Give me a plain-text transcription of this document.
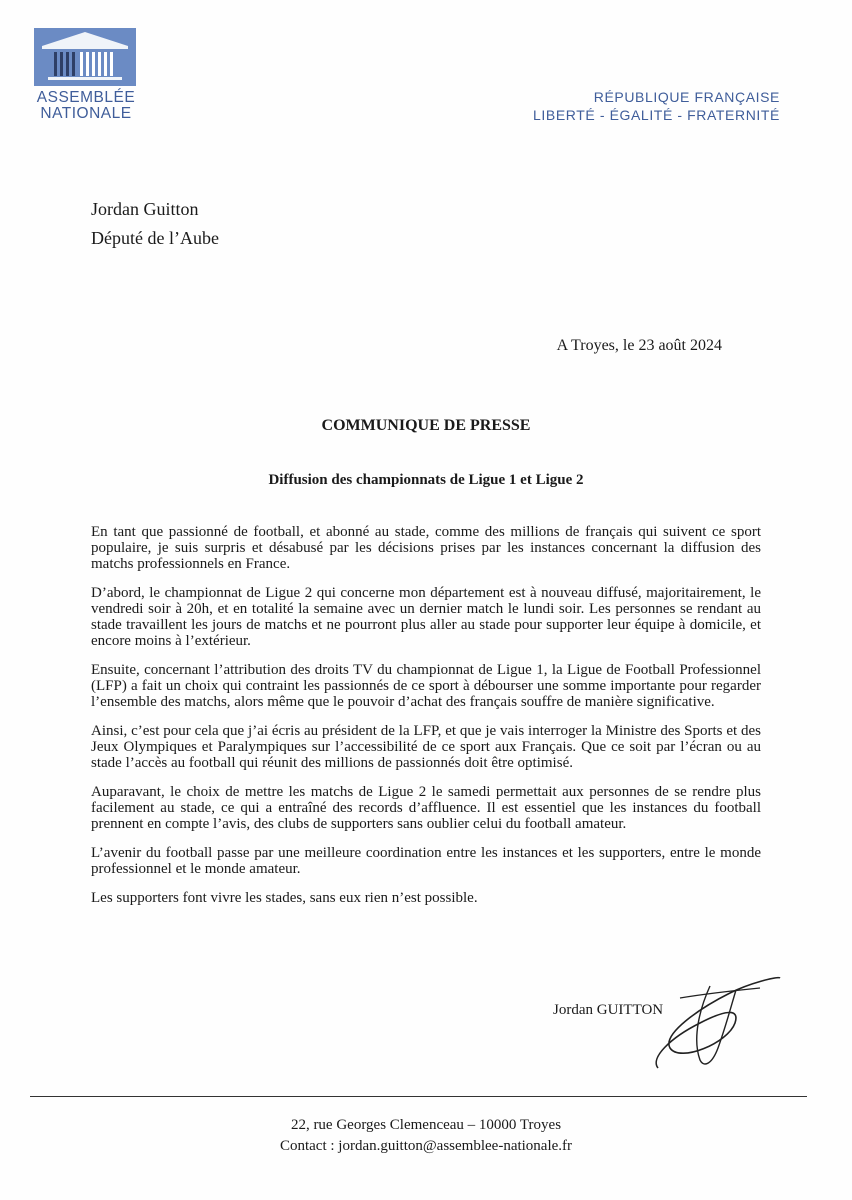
ASSEMBLÉE
NATIONALE
RÉPUBLIQUE FRANÇAISE
LIBERTÉ - ÉGALITÉ - FRATERNITÉ
Jordan Guitton
Député de l’Aube
A Troyes, le 23 août 2024
COMMUNIQUE DE PRESSE
Diffusion des championnats de Ligue 1 et Ligue 2

En tant que passionné de football, et abonné au stade, comme des millions de français qui suivent ce sport populaire, je suis surpris et désabusé par les décisions prises par les instances concernant la diffusion des matchs professionnels en France.

D’abord, le championnat de Ligue 2 qui concerne mon département est à nouveau diffusé, majoritairement, le vendredi soir à 20h, et en totalité la semaine avec un dernier match le lundi soir. Les personnes se rendant au stade travaillent les jours de matchs et ne pourront plus aller au stade pour supporter leur équipe à domicile, et encore moins à l’extérieur.

Ensuite, concernant l’attribution des droits TV du championnat de Ligue 1, la Ligue de Football Professionnel (LFP) a fait un choix qui contraint les passionnés de ce sport à débourser une somme importante pour regarder l’ensemble des matchs, alors même que le pouvoir d’achat des français souffre de manière significative.

Ainsi, c’est pour cela que j’ai écris au président de la LFP, et que je vais interroger la Ministre des Sports et des Jeux Olympiques et Paralympiques sur l’accessibilité de ce sport aux Français. Que ce soit par l’écran ou au stade l’accès au football qui réunit des millions de passionnés doit être optimisé.

Auparavant, le choix de mettre les matchs de Ligue 2 le samedi permettait aux personnes de se rendre plus facilement au stade, ce qui a entraîné des records d’affluence. Il est essentiel que les instances du football prennent en compte l’avis, des clubs de supporters sans oublier celui du football amateur.

L’avenir du football passe par une meilleure coordination entre les instances et les supporters, entre le monde professionnel et le monde amateur.

Les supporters font vivre les stades, sans eux rien n’est possible.

Jordan GUITTON
22, rue Georges Clemenceau – 10000 Troyes
Contact : jordan.guitton@assemblee-nationale.fr
